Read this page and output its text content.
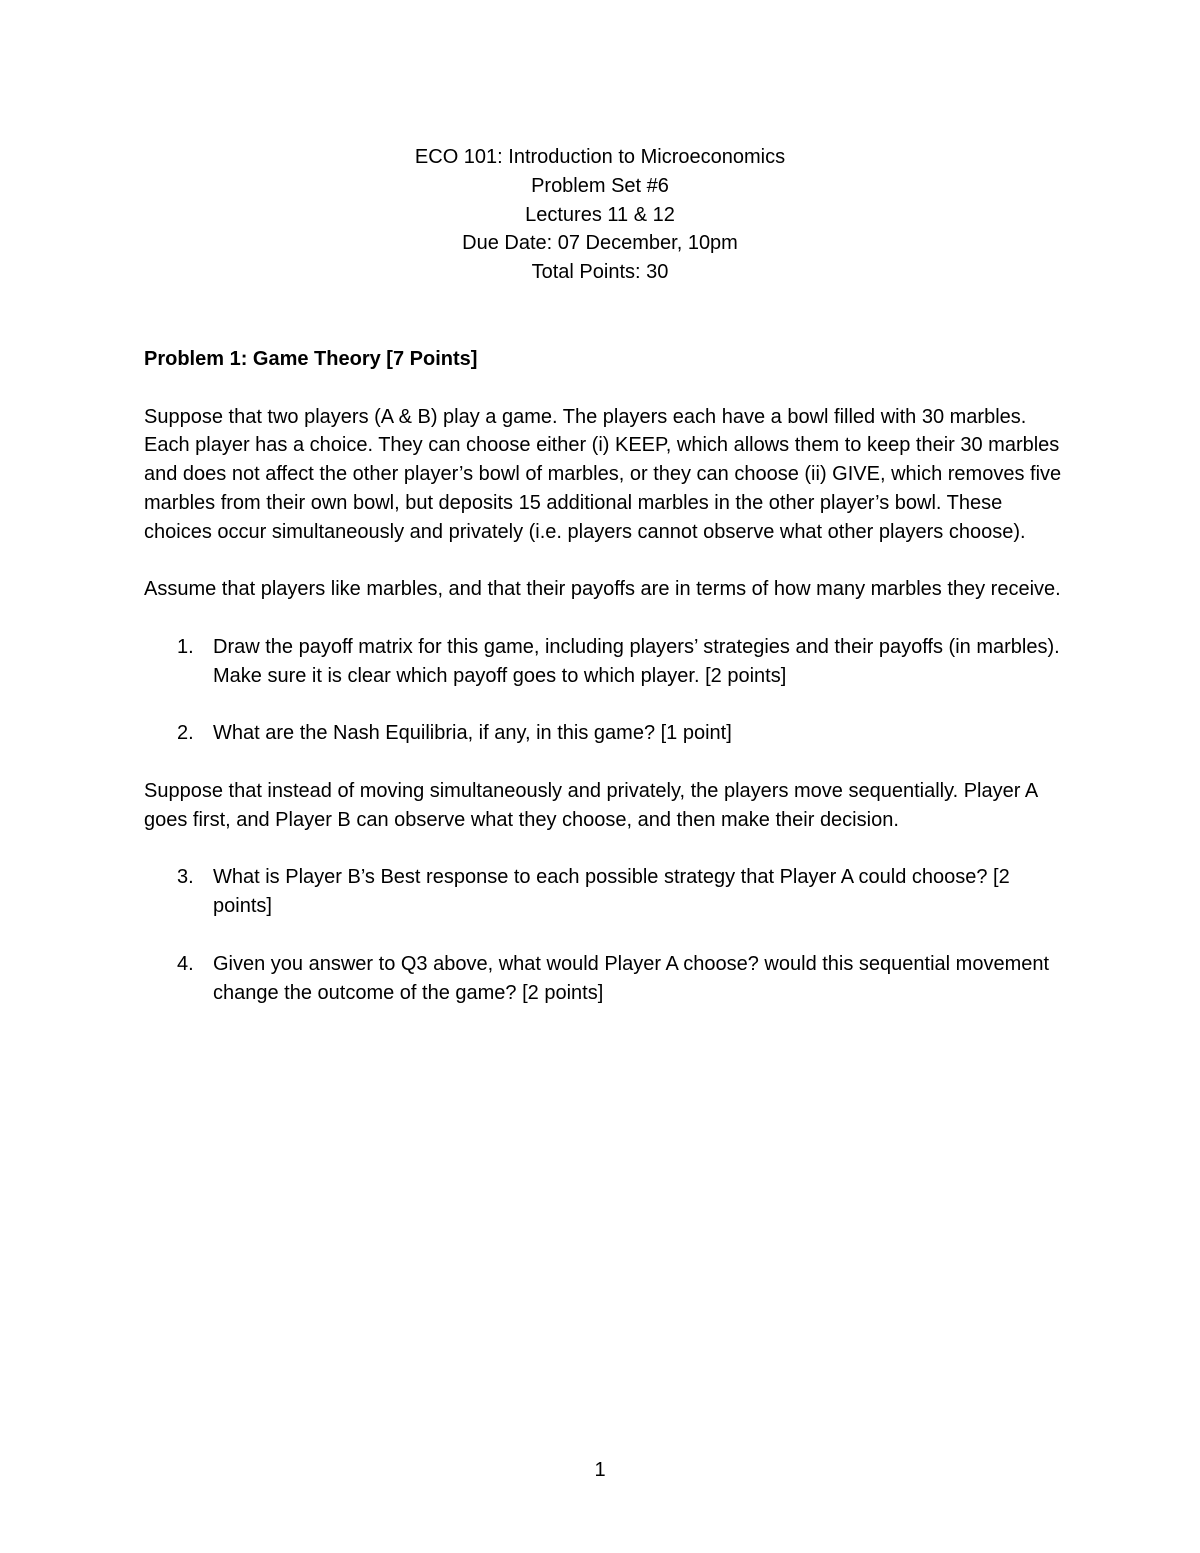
ECO 101: Introduction to Microeconomics
Problem Set #6
Lectures 11 & 12
Due Date: 07 December, 10pm
Total Points: 30

Problem 1: Game Theory [7 Points]

Suppose that two players (A & B) play a game. The players each have a bowl filled with 30 marbles. Each player has a choice. They can choose either (i) KEEP, which allows them to keep their 30 marbles and does not affect the other player’s bowl of marbles, or they can choose (ii) GIVE, which removes five marbles from their own bowl, but deposits 15 additional marbles in the other player’s bowl. These choices occur simultaneously and privately (i.e. players cannot observe what other players choose).

Assume that players like marbles, and that their payoffs are in terms of how many marbles they receive.

1. Draw the payoff matrix for this game, including players’ strategies and their payoffs (in marbles). Make sure it is clear which payoff goes to which player. [2 points]
2. What are the Nash Equilibria, if any, in this game? [1 point]

Suppose that instead of moving simultaneously and privately, the players move sequentially. Player A goes first, and Player B can observe what they choose, and then make their decision.

3. What is Player B’s Best response to each possible strategy that Player A could choose? [2 points]
4. Given you answer to Q3 above, what would Player A choose? would this sequential movement change the outcome of the game? [2 points]
1
